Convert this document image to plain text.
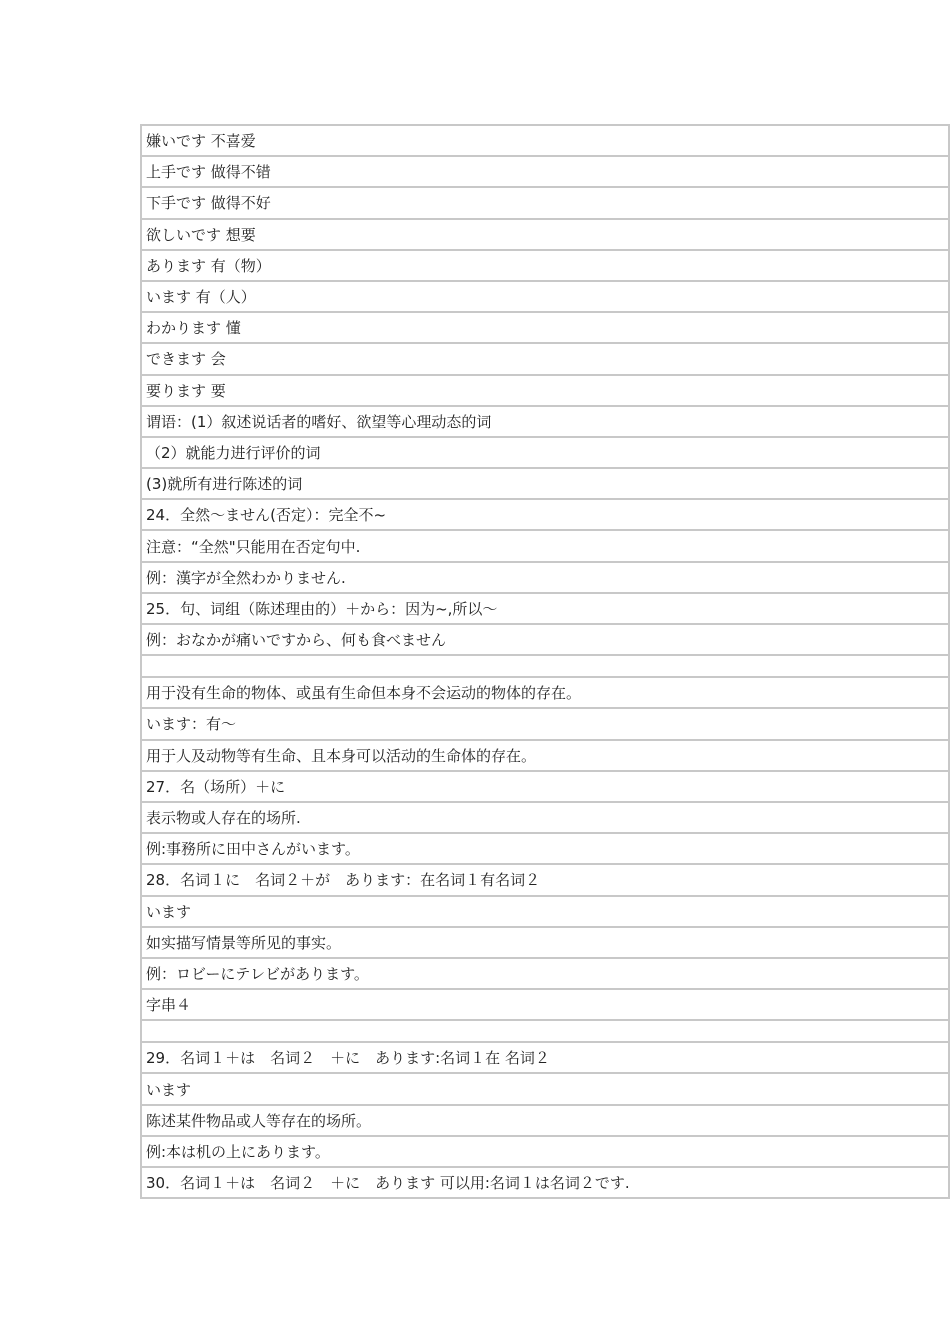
嫌いです 不喜爱
上手です 做得不错
下手です 做得不好
欲しいです 想要
あります 有（物）
います 有（人）
わかります 懂
できます 会
要ります 要
谓语：(1）叙述说话者的嗜好、欲望等心理动态的词
（2）就能力进行评价的词
(3)就所有进行陈述的词
24．全然～ません(否定）：完全不~
注意：“全然"只能用在否定句中.
例：漢字が全然わかりません.
25．句、词组（陈述理由的）＋から：因为~,所以～
例：おなかが痛いですから、何も食べません
用于没有生命的物体、或虽有生命但本身不会运动的物体的存在。
います：有～
用于人及动物等有生命、且本身可以活动的生命体的存在。
27．名（场所）＋に
表示物或人存在的场所.
例:事務所に田中さんがいます。
28．名词１に　名词２＋が　あります：在名词１有名词２
います
如实描写情景等所见的事实。
例：ロビーにテレビがあります。
字串４
29．名词１＋は　名词２　＋に　あります:名词１在 名词２
います
陈述某件物品或人等存在的场所。
例:本は机の上にあります。
30．名词１＋は　名词２　＋に　あります 可以用:名词１は名词２です.
